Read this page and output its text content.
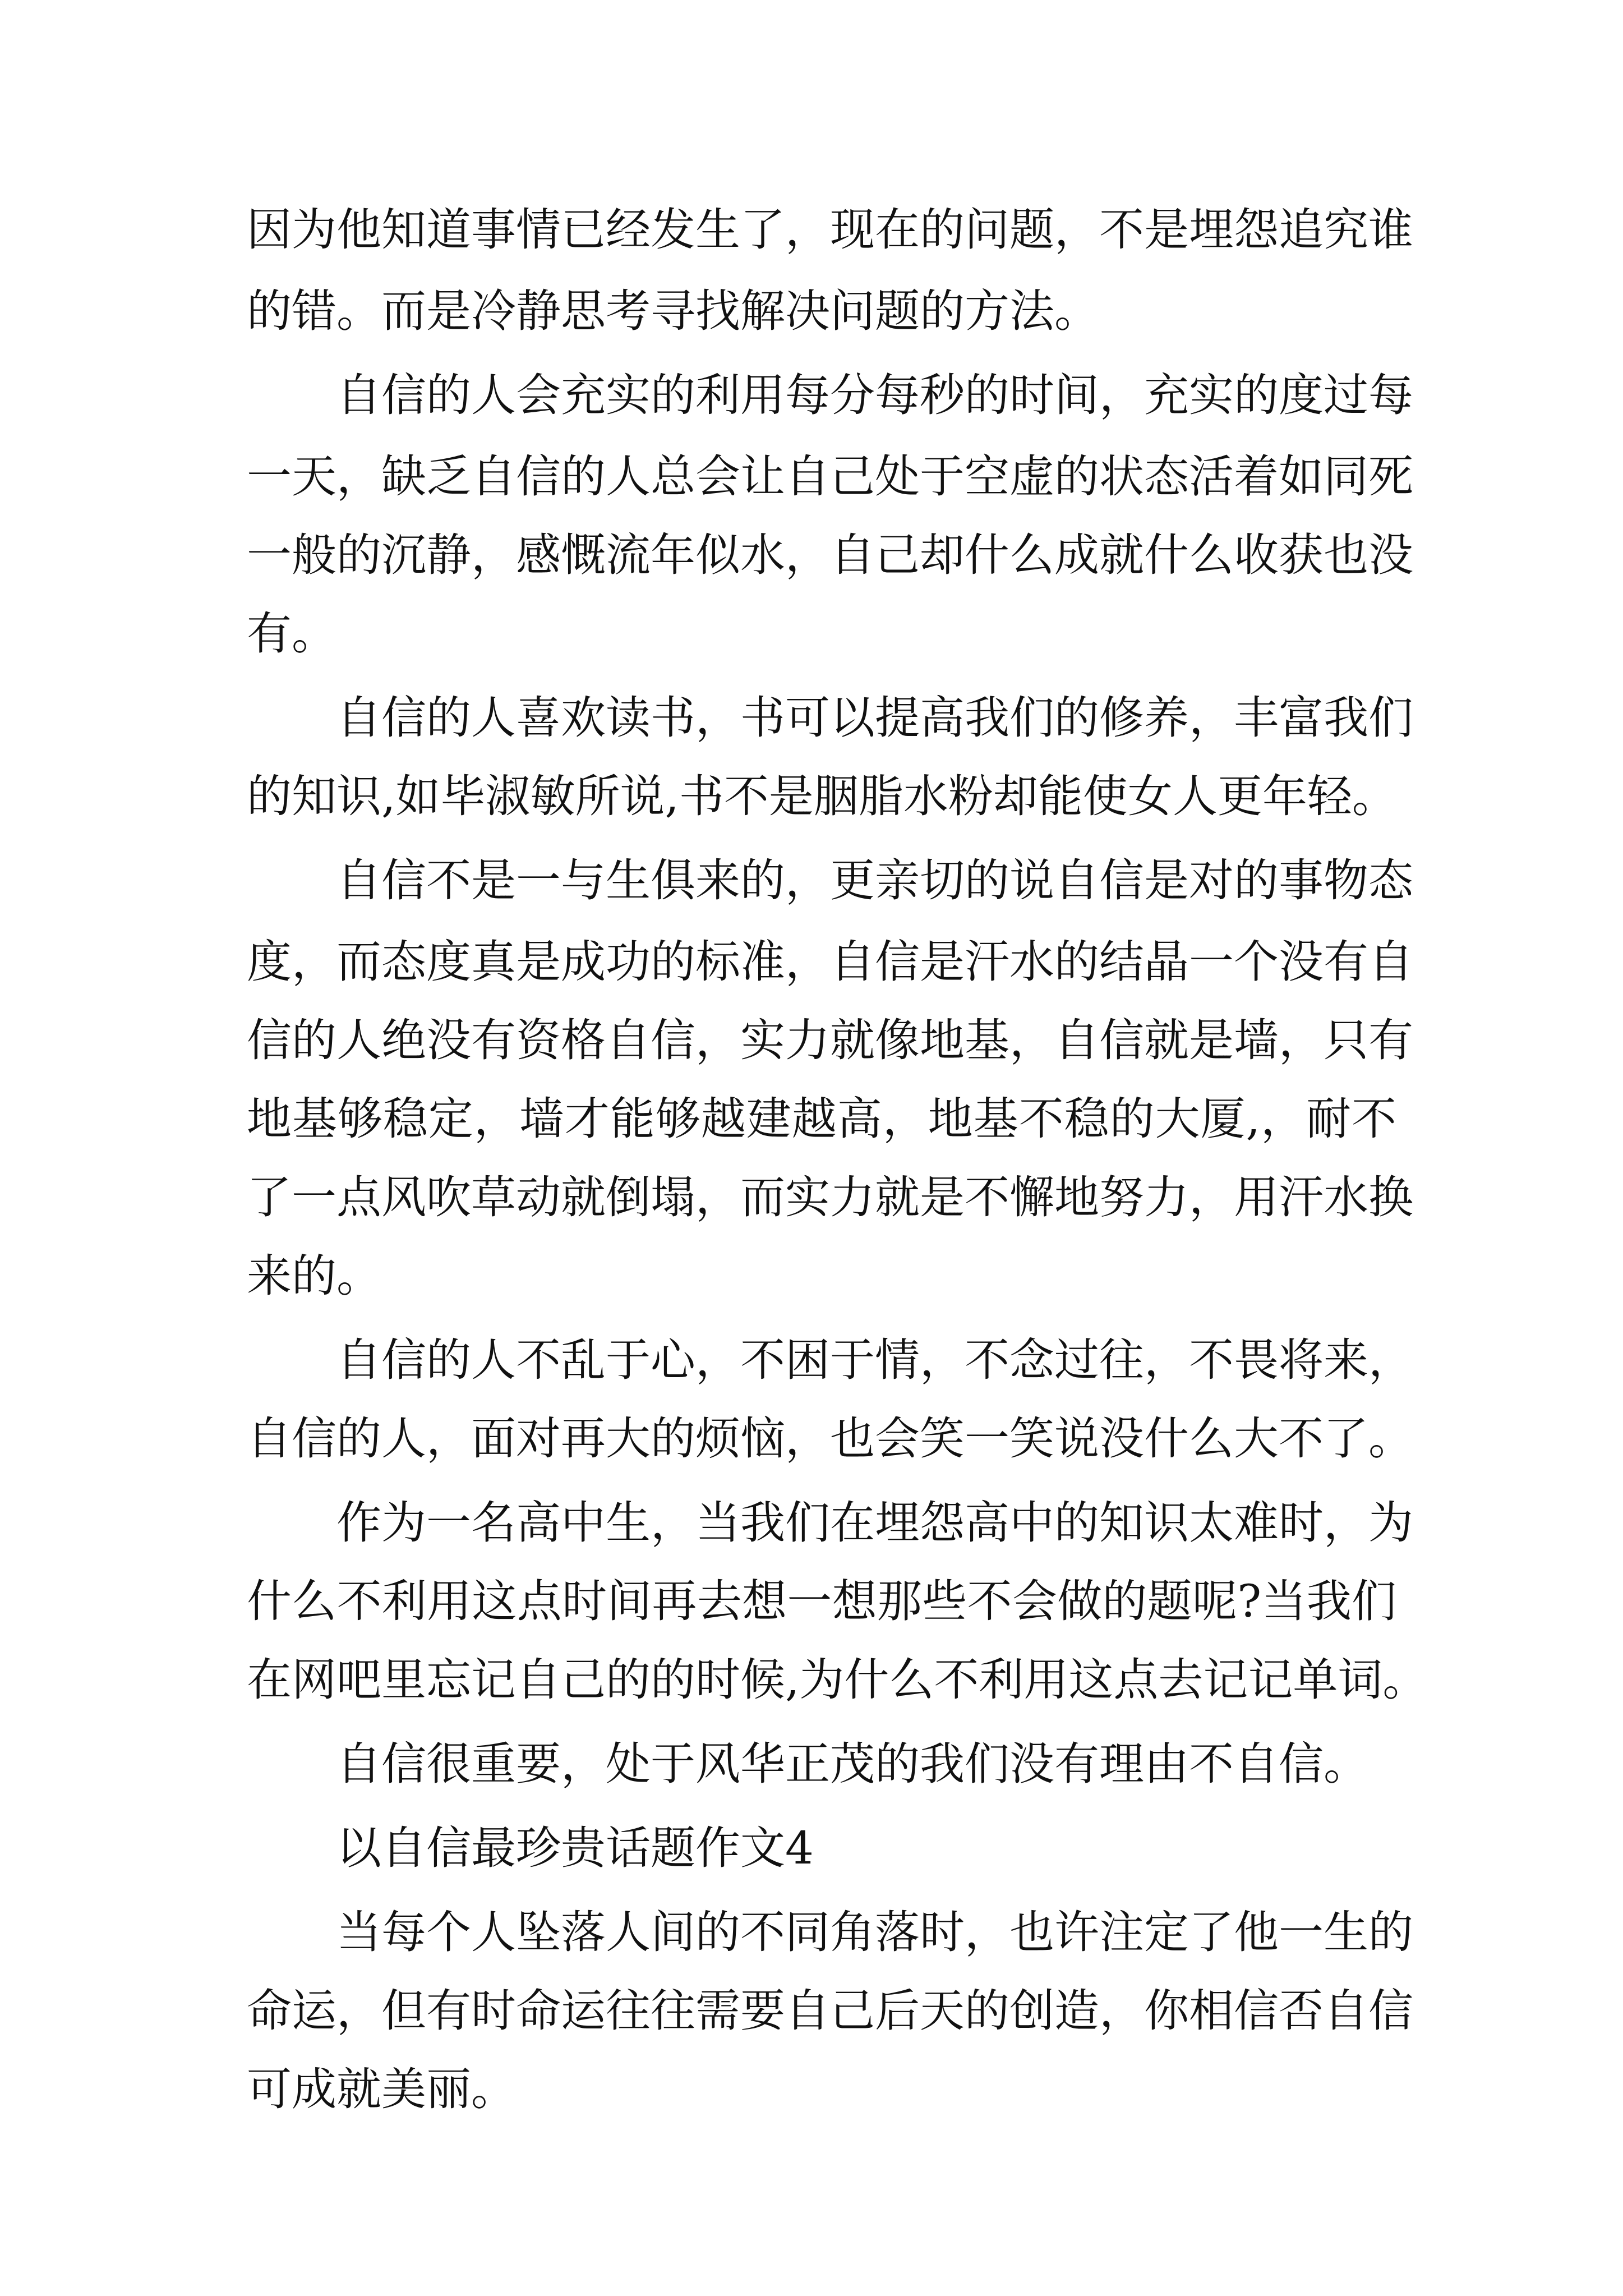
因为他知道事情已经发生了，现在的问题，不是埋怨追究谁
的错。而是冷静思考寻找解决问题的方法。
自信的人会充实的利用每分每秒的时间，充实的度过每
一天，缺乏自信的人总会让自己处于空虚的状态活着如同死
一般的沉静，感慨流年似水，自己却什么成就什么收获也没
有。
自信的人喜欢读书，书可以提高我们的修养，丰富我们
的知识,如毕淑敏所说,书不是胭脂水粉却能使女人更年轻。
自信不是一与生俱来的，更亲切的说自信是对的事物态
度，而态度真是成功的标准，自信是汗水的结晶一个没有自
信的人绝没有资格自信，实力就像地基，自信就是墙，只有
地基够稳定，墙才能够越建越高，地基不稳的大厦,，耐不
了一点风吹草动就倒塌，而实力就是不懈地努力，用汗水换
来的。
自信的人不乱于心，不困于情，不念过往，不畏将来，
自信的人，面对再大的烦恼，也会笑一笑说没什么大不了。
作为一名高中生，当我们在埋怨高中的知识太难时，为
什么不利用这点时间再去想一想那些不会做的题呢?当我们
在网吧里忘记自己的的时候,为什么不利用这点去记记单词。
自信很重要，处于风华正茂的我们没有理由不自信。
以自信最珍贵话题作文4
当每个人坠落人间的不同角落时，也许注定了他一生的
命运，但有时命运往往需要自己后天的创造，你相信否自信
可成就美丽。
